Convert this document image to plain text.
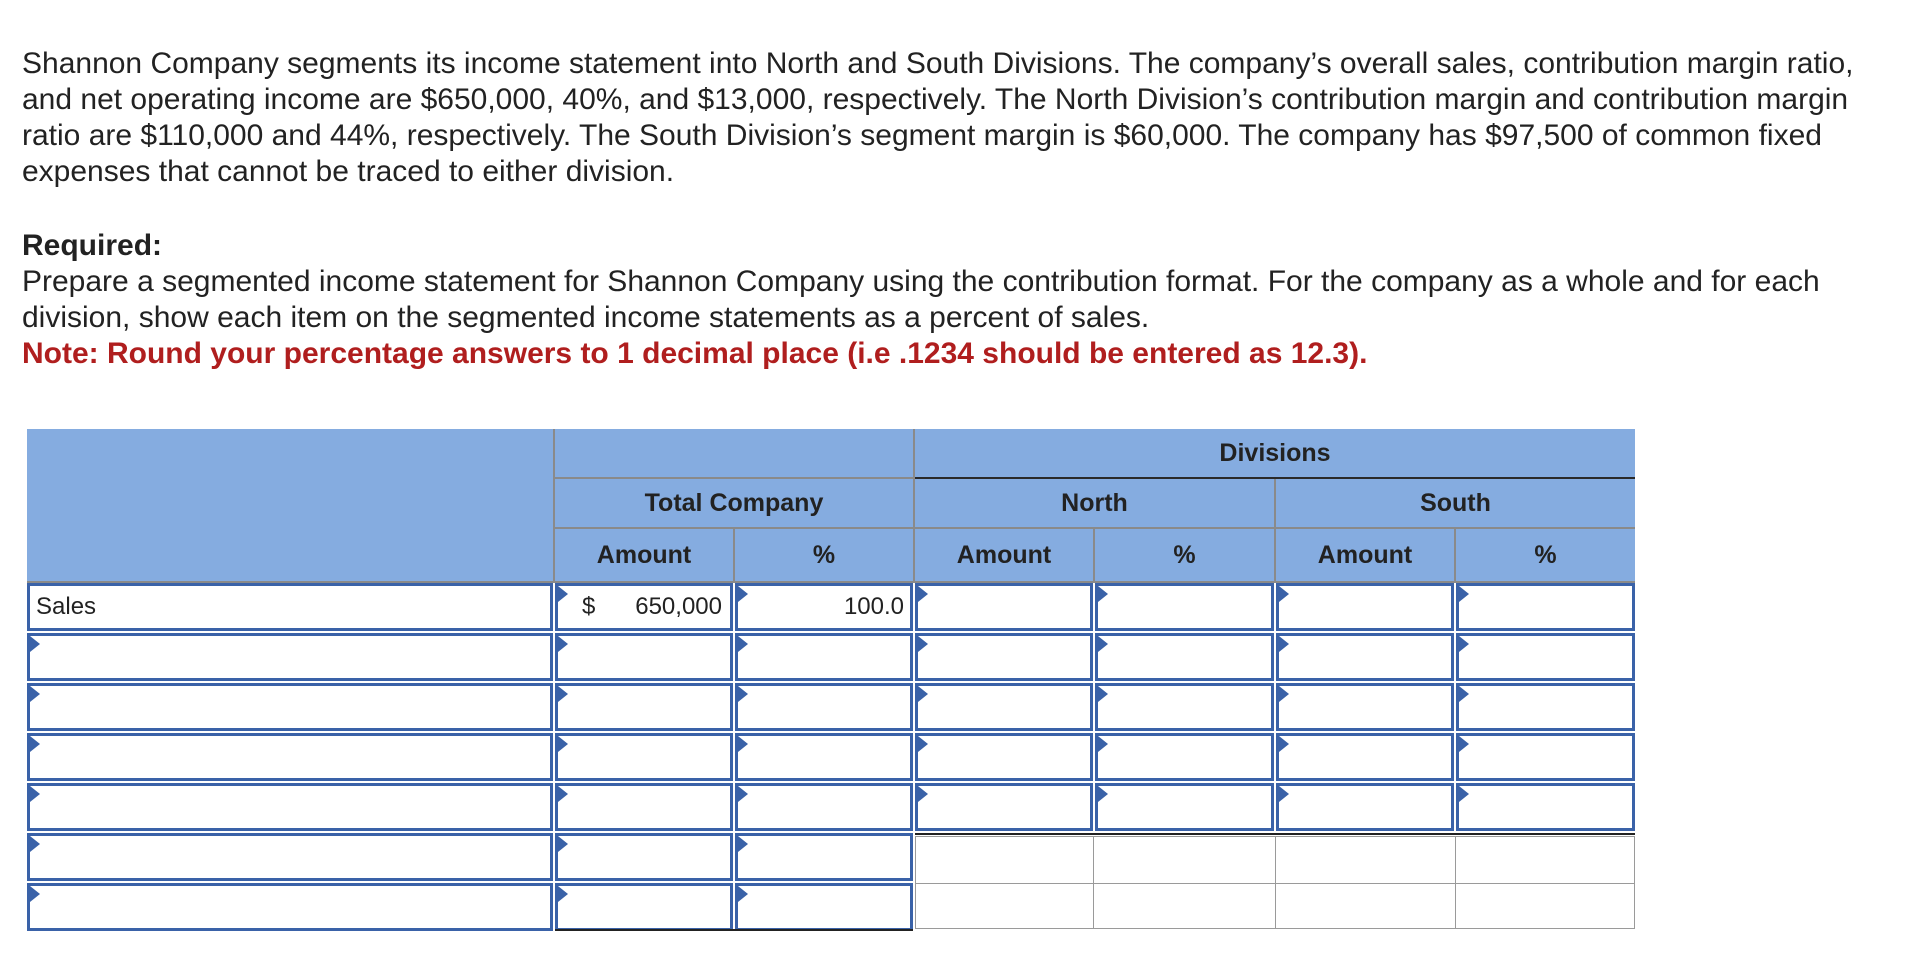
Shannon Company segments its income statement into North and South Divisions. The company’s overall sales, contribution margin ratio, and net operating income are $650,000, 40%, and $13,000, respectively. The North Division’s contribution margin and contribution margin ratio are $110,000 and 44%, respectively. The South Division’s segment margin is $60,000. The company has $97,500 of common fixed expenses that cannot be traced to either division.

Required:
Prepare a segmented income statement for Shannon Company using the contribution format. For the company as a whole and for each division, show each item on the segmented income statements as a percent of sales.
Note: Round your percentage answers to 1 decimal place (i.e .1234 should be entered as 12.3).
Divisions
Total Company	North	South
Amount	%	Amount	%	Amount	%
Sales	$ 650,000	100.0
